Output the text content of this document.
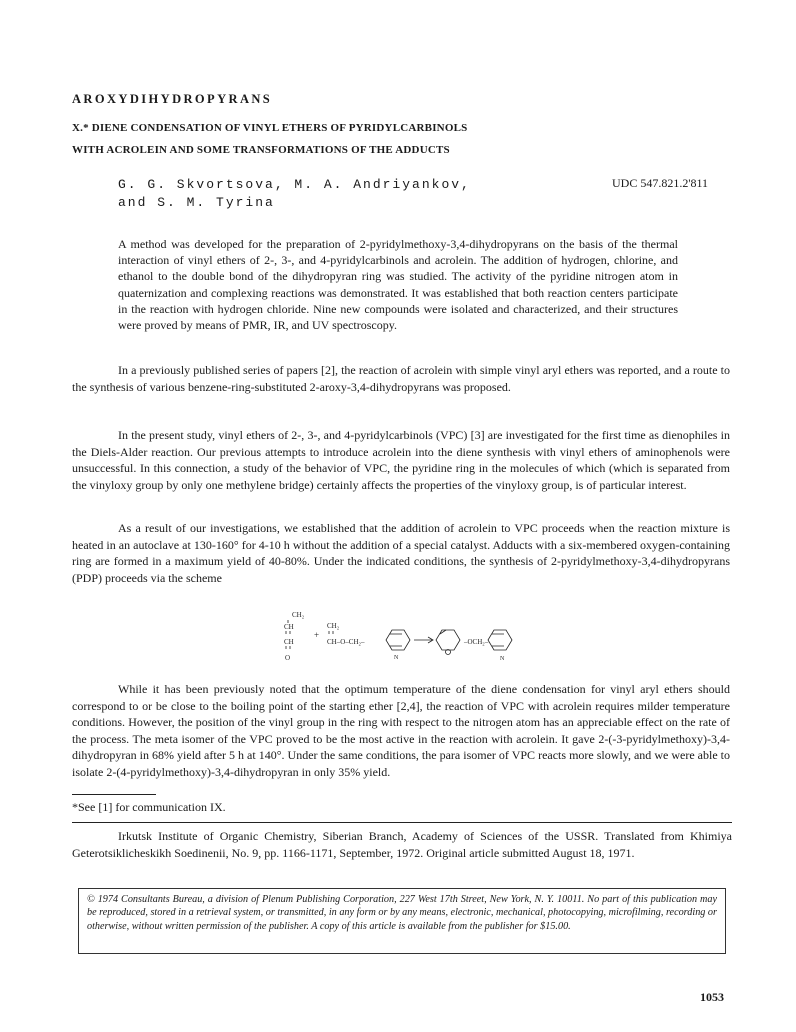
AROXYDIHYDROPYRANS
X.* DIENE CONDENSATION OF VINYL ETHERS OF PYRIDYLCARBINOLS
WITH ACROLEIN AND SOME TRANSFORMATIONS OF THE ADDUCTS
G. G. Skvortsova, M. A. Andriyankov,
and S. M. Tyrina
UDC 547.821.2'811
A method was developed for the preparation of 2-pyridylmethoxy-3,4-dihydropyrans on the basis of the thermal interaction of vinyl ethers of 2-, 3-, and 4-pyridylcarbinols and acrolein. The addition of hydrogen, chlorine, and ethanol to the double bond of the dihydropyran ring was studied. The activity of the pyridine nitrogen atom in quaternization and complexing reactions was demonstrated. It was established that both reaction centers participate in the reaction with hydrogen chloride. Nine new compounds were isolated and characterized, and their structures were proved by means of PMR, IR, and UV spectroscopy.
In a previously published series of papers [2], the reaction of acrolein with simple vinyl aryl ethers was reported, and a route to the synthesis of various benzene-ring-substituted 2-aroxy-3,4-dihydropyrans was proposed.
In the present study, vinyl ethers of 2-, 3-, and 4-pyridylcarbinols (VPC) [3] are investigated for the first time as dienophiles in the Diels-Alder reaction. Our previous attempts to introduce acrolein into the diene synthesis with vinyl ethers of aminophenols were unsuccessful. In this connection, a study of the behavior of VPC, the pyridine ring in the molecules of which (which is separated from the vinyloxy group by only one methylene bridge) certainly affects the properties of the vinyloxy group, is of particular interest.
As a result of our investigations, we established that the addition of acrolein to VPC proceeds when the reaction mixture is heated in an autoclave at 130-160° for 4-10 h without the addition of a special catalyst. Adducts with a six-membered oxygen-containing ring are formed in a maximum yield of 40-80%. Under the indicated conditions, the synthesis of 2-pyridylmethoxy-3,4-dihydropyrans (PDP) proceeds via the scheme
CH₂
CH
CH
O
+
CH₂
CH–O–CH₂–
N
–OCH₂–
N
While it has been previously noted that the optimum temperature of the diene condensation for vinyl aryl ethers should correspond to or be close to the boiling point of the starting ether [2,4], the reaction of VPC with acrolein requires milder temperature conditions. However, the position of the vinyl group in the ring with respect to the nitrogen atom has an appreciable effect on the rate of the process. The meta isomer of the VPC proved to be the most active in the reaction with acrolein. It gave 2-(-3-pyridylmethoxy)-3,4-dihydropyran in 68% yield after 5 h at 140°. Under the same conditions, the para isomer of VPC reacts more slowly, and we were able to isolate 2-(4-pyridylmethoxy)-3,4-dihydropyran in only 35% yield.
*See [1] for communication IX.
Irkutsk Institute of Organic Chemistry, Siberian Branch, Academy of Sciences of the USSR. Translated from Khimiya Geterotsiklicheskikh Soedinenii, No. 9, pp. 1166-1171, September, 1972. Original article submitted August 18, 1971.
© 1974 Consultants Bureau, a division of Plenum Publishing Corporation, 227 West 17th Street, New York, N. Y. 10011. No part of this publication may be reproduced, stored in a retrieval system, or transmitted, in any form or by any means, electronic, mechanical, photocopying, microfilming, recording or otherwise, without written permission of the publisher. A copy of this article is available from the publisher for $15.00.
1053
